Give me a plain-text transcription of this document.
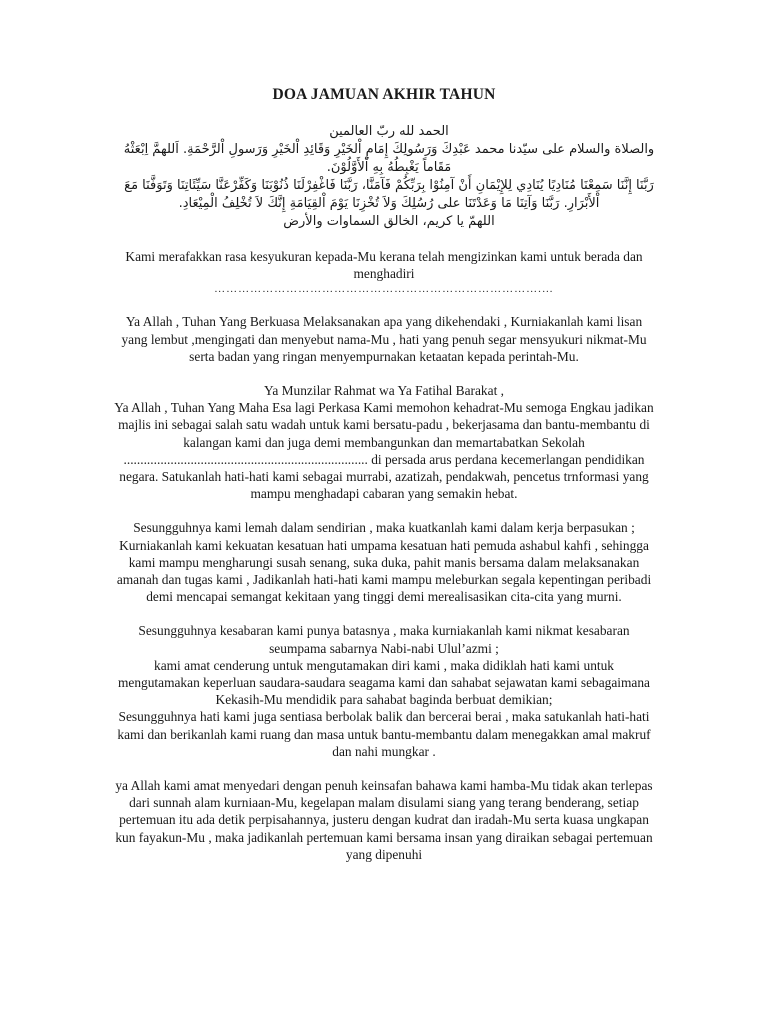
DOA JAMUAN AKHIR TAHUN

الحمد لله ربّ العالمين

والصلاة والسلام على سيّدنا محمد عَبْدِكَ وَرَسُولِكَ إِمَامِ اْلخَيْرِ وَقَائِدِ اْلخَيْرِ وَرَسولِ اْلرَّحْمَةِ. اَللهمَّ اِبْعَثْهُ مَقَاماً يَغْبِطُهُ بِهِ اْلأَوَّلُوْنَ.

رَبَّنَا إِنَّنَا سَمِعْنَا مُنَادِيًا يُنَادِي لِلإِيْمَانِ أَنْ آمِنُوْا بِرَبِّكُمْ فَآمَنَّا، رَبَّنَا فَاغْفِرْلَنَا ذُنُوْبَنَا وَكَفِّرْعَنَّا سَيِّئَاتِنَا وَتَوَفَّنَا مَعَ اْلأَبْرَارِ. رَبَّنَا وَآتِنَا مَا وَعَدْتَنَا على رُسُلِكَ وَلاَ تُخْزِنَا يَوْمَ اْلقِيَامَةِ إِنَّكَ لاَ تُخْلِفُ الْمِيْعَادِ.

اللهمّ يا كريم، الخالق السماوات والأرض

Kami merafakkan rasa kesyukuran kepada-Mu kerana telah mengizinkan kami untuk berada dan menghadiri

……………………………………………………………………….…

Ya Allah , Tuhan Yang Berkuasa Melaksanakan apa yang dikehendaki , Kurniakanlah kami lisan yang lembut ,mengingati dan menyebut nama-Mu , hati yang penuh segar mensyukuri nikmat-Mu serta badan yang ringan menyempurnakan ketaatan kepada perintah-Mu.

Ya Munzilar Rahmat wa Ya Fatihal Barakat ,

Ya Allah , Tuhan Yang Maha Esa lagi Perkasa Kami memohon kehadrat-Mu semoga Engkau jadikan majlis ini sebagai salah satu wadah untuk kami bersatu-padu , bekerjasama dan bantu-membantu di kalangan kami dan juga demi membangunkan dan memartabatkan Sekolah ......................................................................... di persada arus perdana kecemerlangan pendidikan negara. Satukanlah hati-hati kami sebagai murrabi, azatizah, pendakwah, pencetus trnformasi yang mampu menghadapi cabaran yang semakin hebat.

Sesungguhnya kami lemah dalam sendirian , maka kuatkanlah kami dalam kerja berpasukan ; Kurniakanlah kami kekuatan kesatuan hati umpama kesatuan hati pemuda ashabul kahfi , sehingga kami mampu mengharungi susah senang, suka duka, pahit manis bersama dalam melaksanakan amanah dan tugas kami , Jadikanlah hati-hati kami mampu meleburkan segala kepentingan peribadi demi mencapai semangat kekitaan yang tinggi demi merealisasikan cita-cita yang murni.

Sesungguhnya kesabaran kami punya batasnya , maka kurniakanlah kami nikmat kesabaran seumpama sabarnya Nabi-nabi Ulul’azmi ;

kami amat cenderung untuk mengutamakan diri kami , maka didiklah hati kami untuk mengutamakan keperluan saudara-saudara seagama kami dan sahabat sejawatan kami sebagaimana Kekasih-Mu mendidik para sahabat baginda berbuat demikian;

Sesungguhnya hati kami juga sentiasa berbolak balik dan bercerai berai , maka satukanlah hati-hati kami dan berikanlah kami ruang dan masa untuk bantu-membantu dalam menegakkan amal makruf dan nahi mungkar .

ya Allah kami amat menyedari dengan penuh keinsafan bahawa kami hamba-Mu tidak akan terlepas dari sunnah alam kurniaan-Mu, kegelapan malam disulami siang yang terang benderang, setiap pertemuan itu ada detik perpisahannya, justeru dengan kudrat dan iradah-Mu serta kuasa ungkapan kun fayakun-Mu , maka jadikanlah pertemuan kami bersama insan yang diraikan sebagai pertemuan yang dipenuhi
